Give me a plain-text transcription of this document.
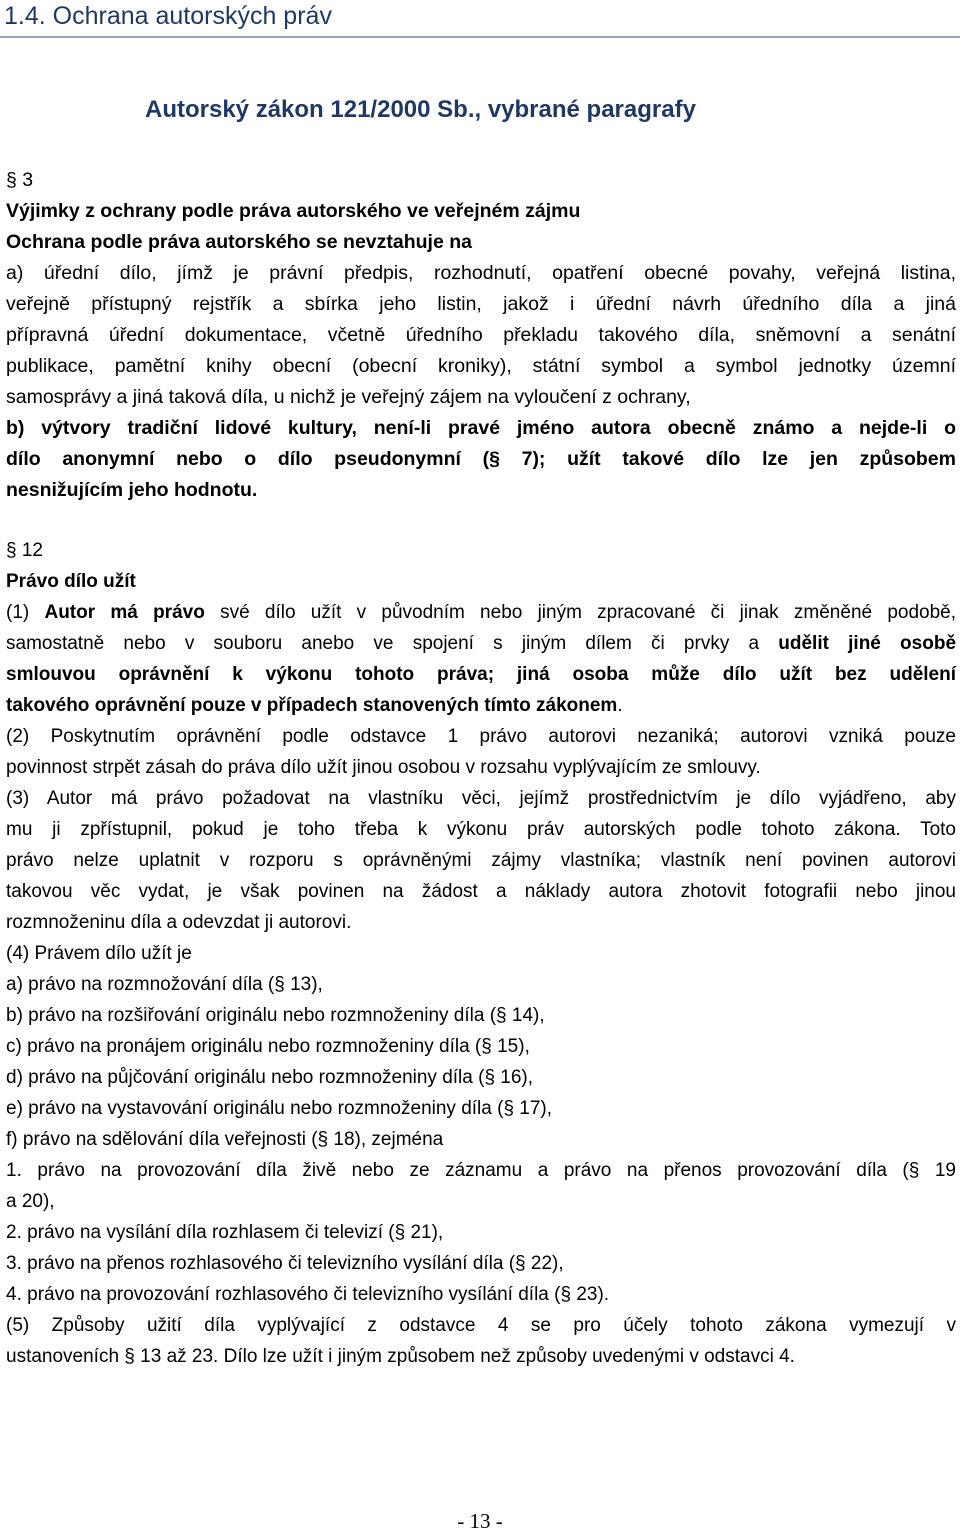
1.4. Ochrana autorských práv
Autorský zákon 121/2000 Sb., vybrané paragrafy
§ 3
Výjimky z ochrany podle práva autorského ve veřejném zájmu
Ochrana podle práva autorského se nevztahuje na
a) úřední dílo, jímž je právní předpis, rozhodnutí, opatření obecné povahy, veřejná listina,
veřejně přístupný rejstřík a sbírka jeho listin, jakož i úřední návrh úředního díla a jiná
přípravná úřední dokumentace, včetně úředního překladu takového díla, sněmovní a senátní
publikace, pamětní knihy obecní (obecní kroniky), státní symbol a symbol jednotky územní
samosprávy a jiná taková díla, u nichž je veřejný zájem na vyloučení z ochrany,
b) výtvory tradiční lidové kultury, není-li pravé jméno autora obecně známo a nejde-li o
dílo anonymní nebo o dílo pseudonymní (§ 7); užít takové dílo lze jen způsobem
nesnižujícím jeho hodnotu.
§ 12
Právo dílo užít
(1) Autor má právo své dílo užít v původním nebo jiným zpracované či jinak změněné podobě,
samostatně nebo v souboru anebo ve spojení s jiným dílem či prvky a udělit jiné osobě
smlouvou oprávnění k výkonu tohoto práva; jiná osoba může dílo užít bez udělení
takového oprávnění pouze v případech stanovených tímto zákonem.
(2) Poskytnutím oprávnění podle odstavce 1 právo autorovi nezaniká; autorovi vzniká pouze
povinnost strpět zásah do práva dílo užít jinou osobou v rozsahu vyplývajícím ze smlouvy.
(3) Autor má právo požadovat na vlastníku věci, jejímž prostřednictvím je dílo vyjádřeno, aby
mu ji zpřístupnil, pokud je toho třeba k výkonu práv autorských podle tohoto zákona. Toto
právo nelze uplatnit v rozporu s oprávněnými zájmy vlastníka; vlastník není povinen autorovi
takovou věc vydat, je však povinen na žádost a náklady autora zhotovit fotografii nebo jinou
rozmnoženinu díla a odevzdat ji autorovi.
(4) Právem dílo užít je
a) právo na rozmnožování díla (§ 13),
b) právo na rozšiřování originálu nebo rozmnoženiny díla (§ 14),
c) právo na pronájem originálu nebo rozmnoženiny díla (§ 15),
d) právo na půjčování originálu nebo rozmnoženiny díla (§ 16),
e) právo na vystavování originálu nebo rozmnoženiny díla (§ 17),
f) právo na sdělování díla veřejnosti (§ 18), zejména
1. právo na provozování díla živě nebo ze záznamu a právo na přenos provozování díla (§ 19
a 20),
2. právo na vysílání díla rozhlasem či televizí (§ 21),
3. právo na přenos rozhlasového či televizního vysílání díla (§ 22),
4. právo na provozování rozhlasového či televizního vysílání díla (§ 23).
(5) Způsoby užití díla vyplývající z odstavce 4 se pro účely tohoto zákona vymezují v
ustanoveních § 13 až 23. Dílo lze užít i jiným způsobem než způsoby uvedenými v odstavci 4.
- 13 -
